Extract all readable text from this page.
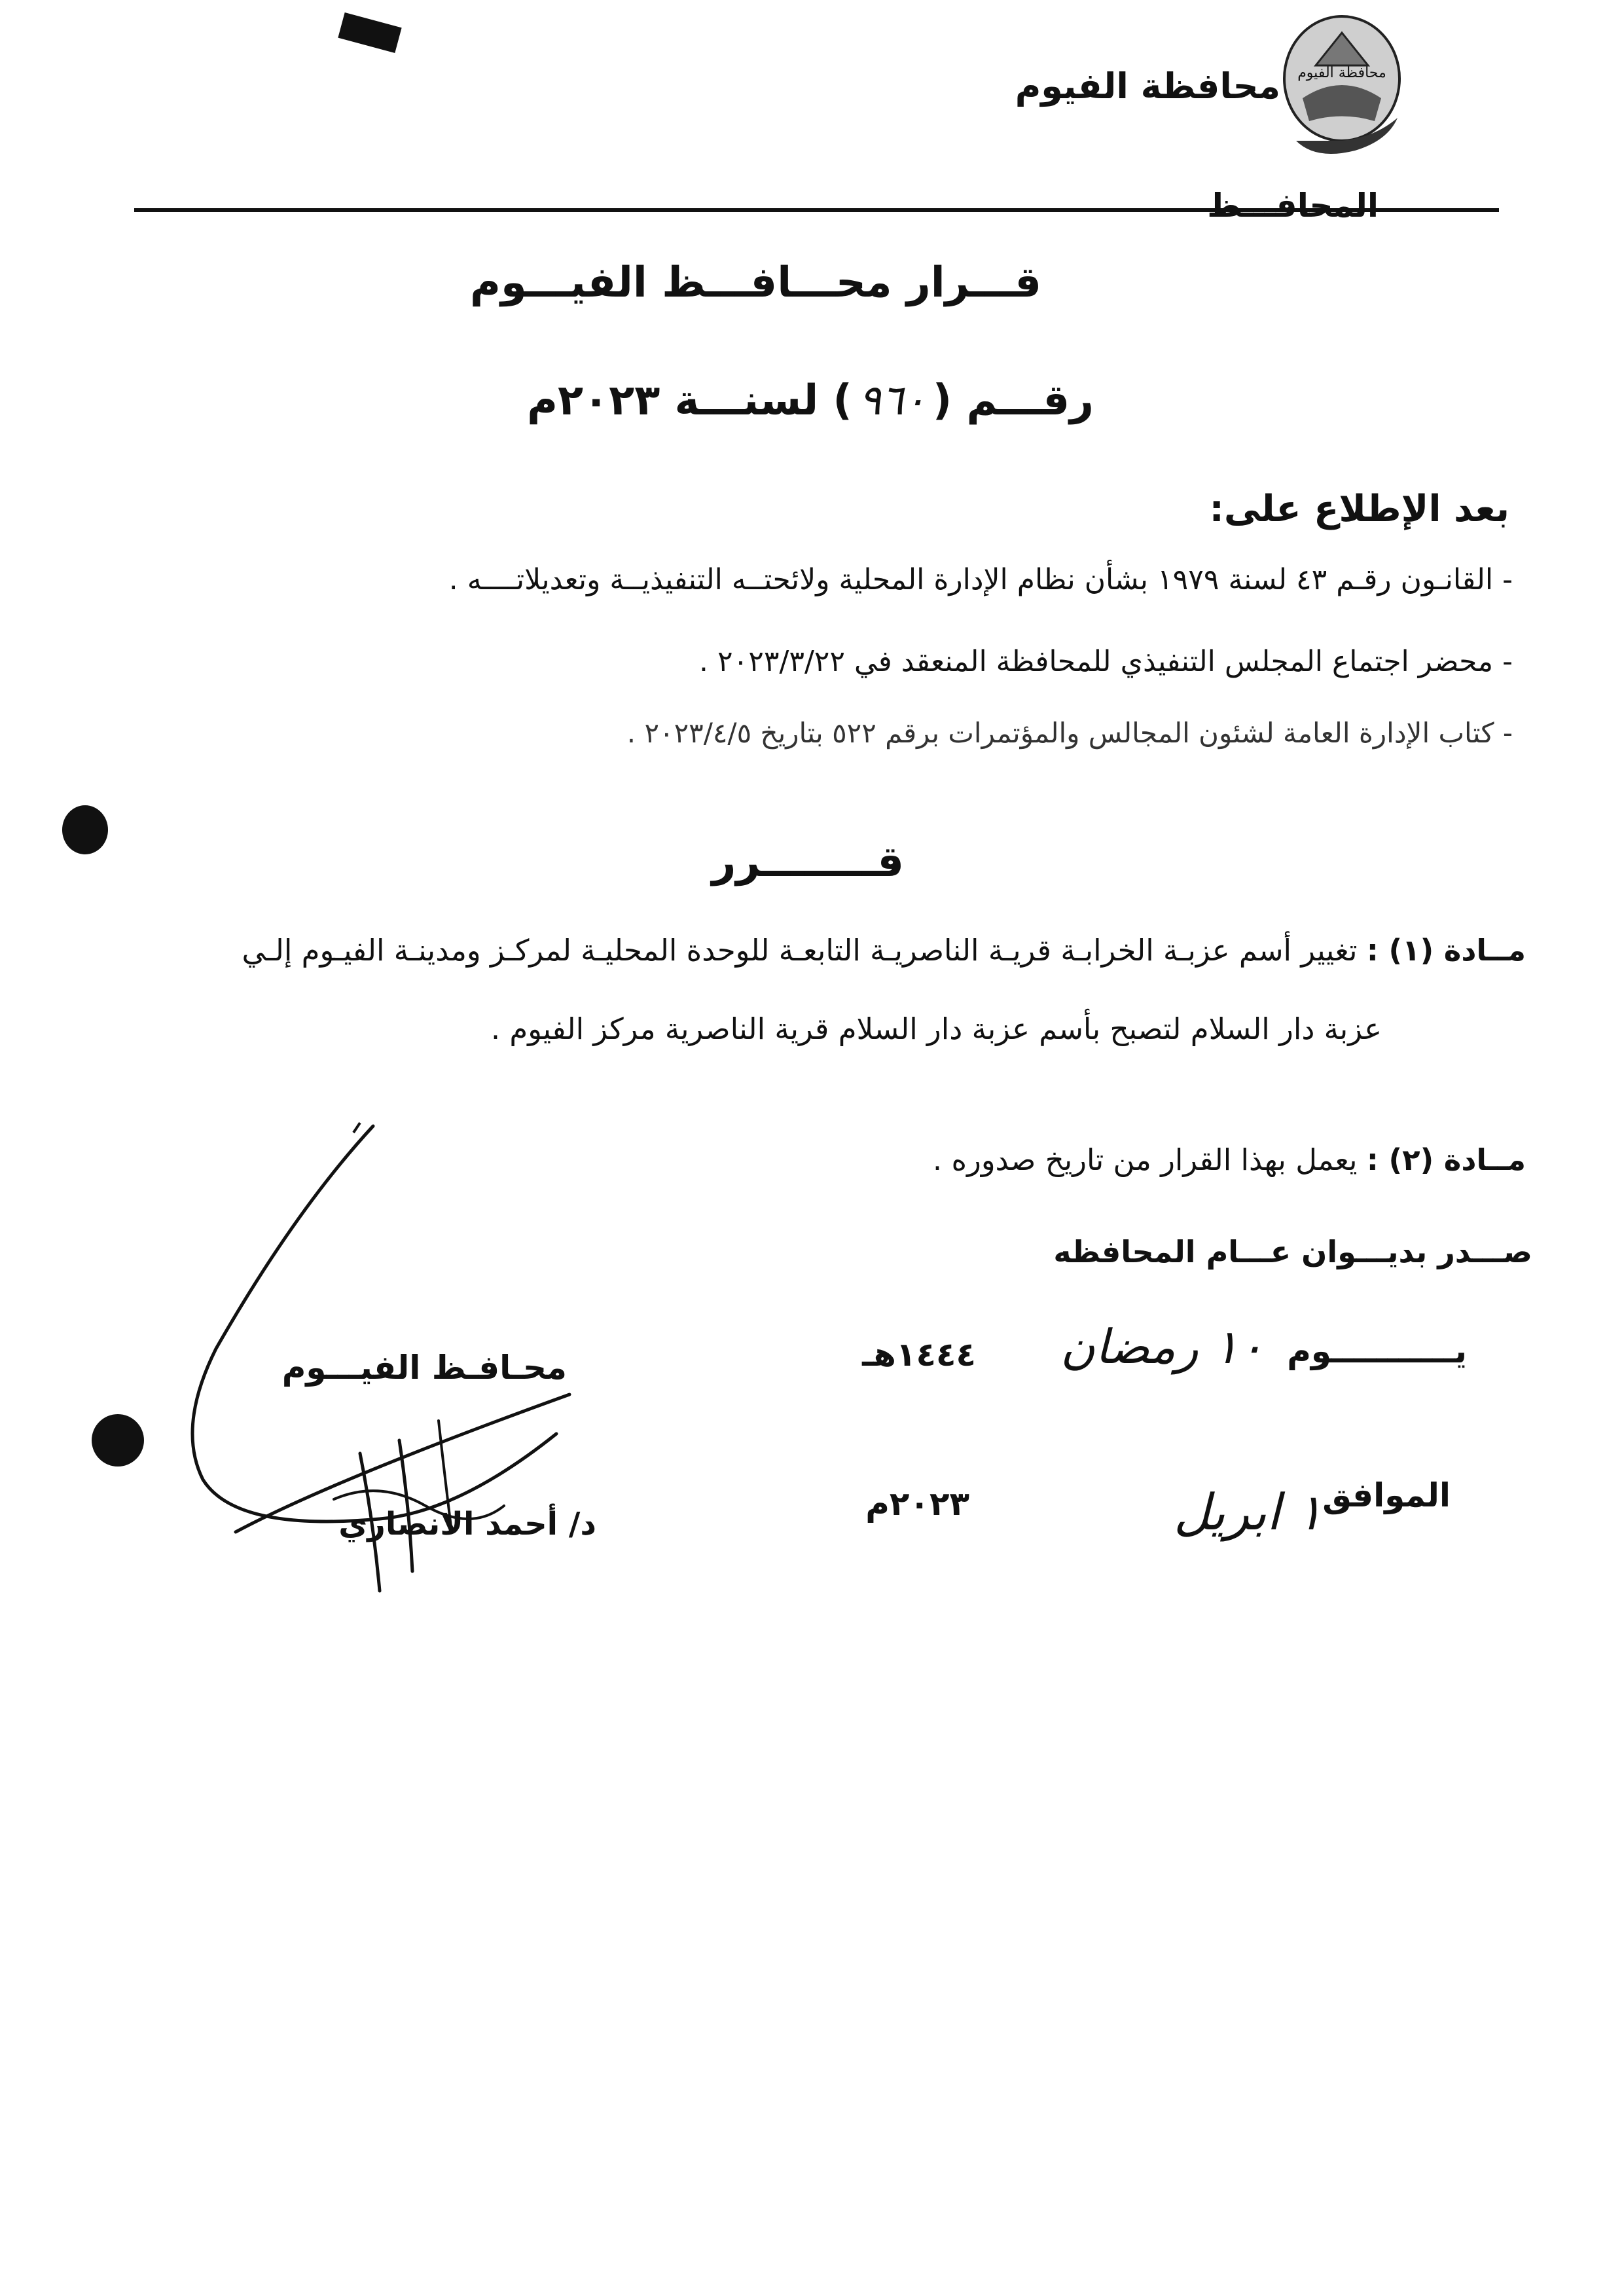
محافظة الفيوم
محافظة الفيوم
المحافـــظ
قـــرار محـــافـــظ الفيـــوم
رقـــم (٩٦٠) لسنـــة ٢٠٢٣م
بعد الإطلاع على:
- القانـون رقـم ٤٣ لسنة ١٩٧٩ بشأن نظام الإدارة المحلية ولائحتــه التنفيذيــة وتعديلاتــــه .
- محضر اجتماع المجلس التنفيذي للمحافظة المنعقد في ٢٠٢٣/٣/٢٢ .
- كتاب الإدارة العامة لشئون المجالس والمؤتمرات برقم ٥٢٢ بتاريخ ٢٠٢٣/٤/٥ .
قــــــــرر
مــادة (١) : تغيير أسم عزبـة الخرابـة قريـة الناصريـة التابعـة للوحدة المحليـة لمركـز ومدينـة الفيـوم إلـي
عزبة دار السلام لتصبح بأسم عزبة دار السلام قرية الناصرية مركز الفيوم .
مــادة (٢) : يعمل بهذا القرار من تاريخ صدوره .
صـــدر بديـــوان عـــام المحافظه
يـــــــــــوم
١٠ رمضان
١٤٤٤هـ
الموافق
١ ابريل
٢٠٢٣م
محـافـظ الفيـــوم
د/ أحمد الانصاري
